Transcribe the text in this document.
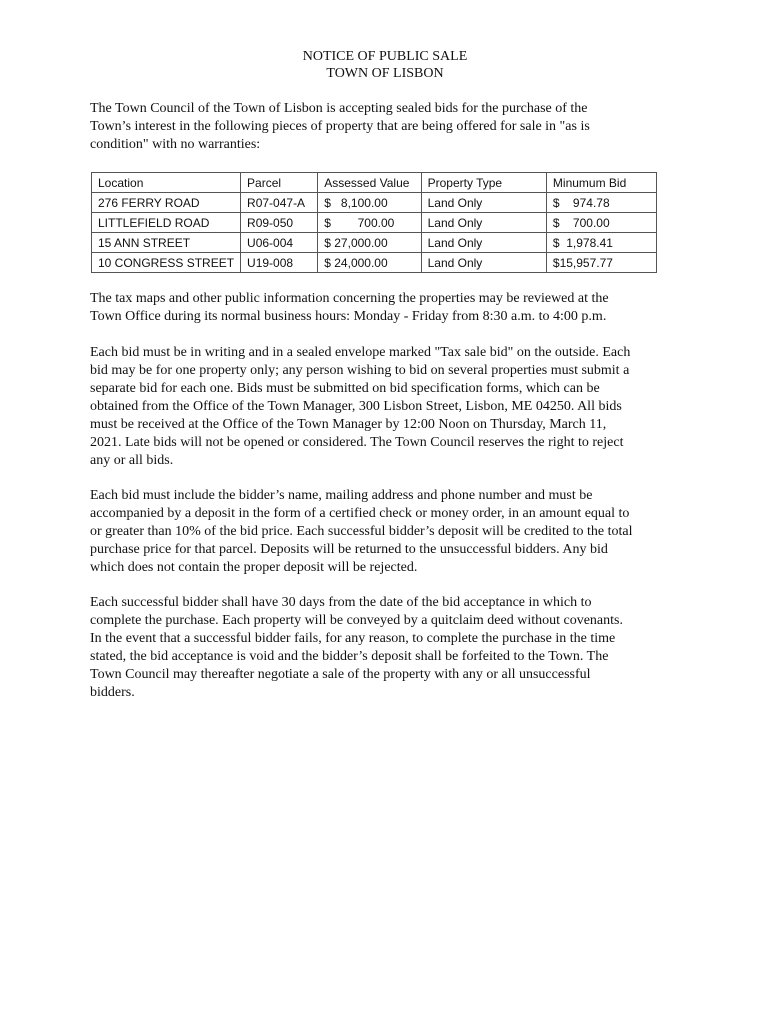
NOTICE OF PUBLIC SALE
TOWN OF LISBON

The Town Council of the Town of Lisbon is accepting sealed bids for the purchase of the
Town’s interest in the following pieces of property that are being offered for sale in "as is
condition" with no warranties:

Location	Parcel	Assessed Value	Property Type	Minumum Bid
276 FERRY ROAD	R07-047-A	$   8,100.00	Land Only	$    974.78
LITTLEFIELD ROAD	R09-050	$        700.00	Land Only	$    700.00
15 ANN STREET	U06-004	$ 27,000.00	Land Only	$  1,978.41
10 CONGRESS STREET	U19-008	$ 24,000.00	Land Only	$15,957.77

The tax maps and other public information concerning the properties may be reviewed at the
Town Office during its normal business hours: Monday - Friday from 8:30 a.m. to 4:00 p.m.

Each bid must be in writing and in a sealed envelope marked "Tax sale bid" on the outside. Each
bid may be for one property only; any person wishing to bid on several properties must submit a
separate bid for each one. Bids must be submitted on bid specification forms, which can be
obtained from the Office of the Town Manager, 300 Lisbon Street, Lisbon, ME 04250. All bids
must be received at the Office of the Town Manager by 12:00 Noon on Thursday, March 11,
2021. Late bids will not be opened or considered. The Town Council reserves the right to reject
any or all bids.

Each bid must include the bidder’s name, mailing address and phone number and must be
accompanied by a deposit in the form of a certified check or money order, in an amount equal to
or greater than 10% of the bid price. Each successful bidder’s deposit will be credited to the total
purchase price for that parcel. Deposits will be returned to the unsuccessful bidders. Any bid
which does not contain the proper deposit will be rejected.

Each successful bidder shall have 30 days from the date of the bid acceptance in which to
complete the purchase. Each property will be conveyed by a quitclaim deed without covenants.
In the event that a successful bidder fails, for any reason, to complete the purchase in the time
stated, the bid acceptance is void and the bidder’s deposit shall be forfeited to the Town. The
Town Council may thereafter negotiate a sale of the property with any or all unsuccessful
bidders.
